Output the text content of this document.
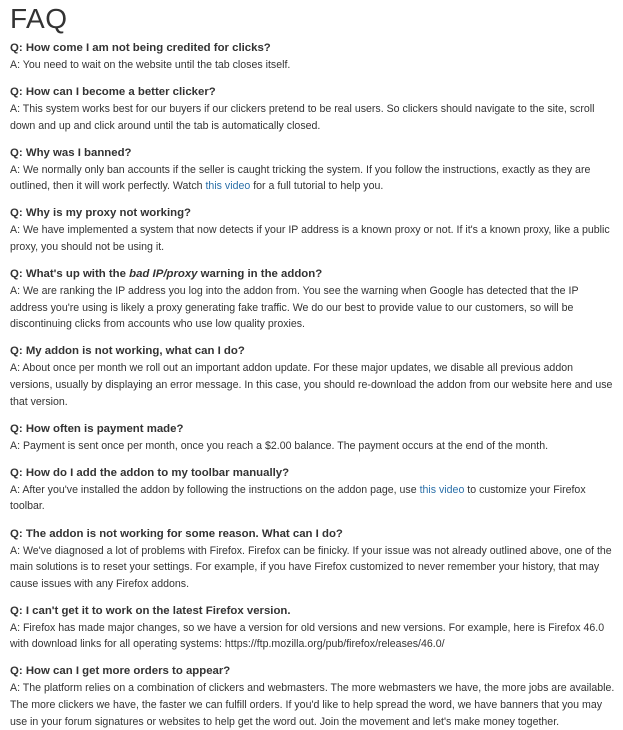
FAQ
Q: How come I am not being credited for clicks?
A: You need to wait on the website until the tab closes itself.
Q: How can I become a better clicker?
A: This system works best for our buyers if our clickers pretend to be real users. So clickers should navigate to the site, scroll down and up and click around until the tab is automatically closed.
Q: Why was I banned?
A: We normally only ban accounts if the seller is caught tricking the system. If you follow the instructions, exactly as they are outlined, then it will work perfectly. Watch this video for a full tutorial to help you.
Q: Why is my proxy not working?
A: We have implemented a system that now detects if your IP address is a known proxy or not. If it's a known proxy, like a public proxy, you should not be using it.
Q: What's up with the bad IP/proxy warning in the addon?
A: We are ranking the IP address you log into the addon from. You see the warning when Google has detected that the IP address you're using is likely a proxy generating fake traffic. We do our best to provide value to our customers, so will be discontinuing clicks from accounts who use low quality proxies.
Q: My addon is not working, what can I do?
A: About once per month we roll out an important addon update. For these major updates, we disable all previous addon versions, usually by displaying an error message. In this case, you should re-download the addon from our website here and use that version.
Q: How often is payment made?
A: Payment is sent once per month, once you reach a $2.00 balance. The payment occurs at the end of the month.
Q: How do I add the addon to my toolbar manually?
A: After you've installed the addon by following the instructions on the addon page, use this video to customize your Firefox toolbar.
Q: The addon is not working for some reason. What can I do?
A: We've diagnosed a lot of problems with Firefox. Firefox can be finicky. If your issue was not already outlined above, one of the main solutions is to reset your settings. For example, if you have Firefox customized to never remember your history, that may cause issues with any Firefox addons.
Q: I can't get it to work on the latest Firefox version.
A: Firefox has made major changes, so we have a version for old versions and new versions. For example, here is Firefox 46.0 with download links for all operating systems: https://ftp.mozilla.org/pub/firefox/releases/46.0/
Q: How can I get more orders to appear?
A: The platform relies on a combination of clickers and webmasters. The more webmasters we have, the more jobs are available. The more clickers we have, the faster we can fulfill orders. If you'd like to help spread the word, we have banners that you may use in your forum signatures or websites to help get the word out. Join the movement and let's make money together.
